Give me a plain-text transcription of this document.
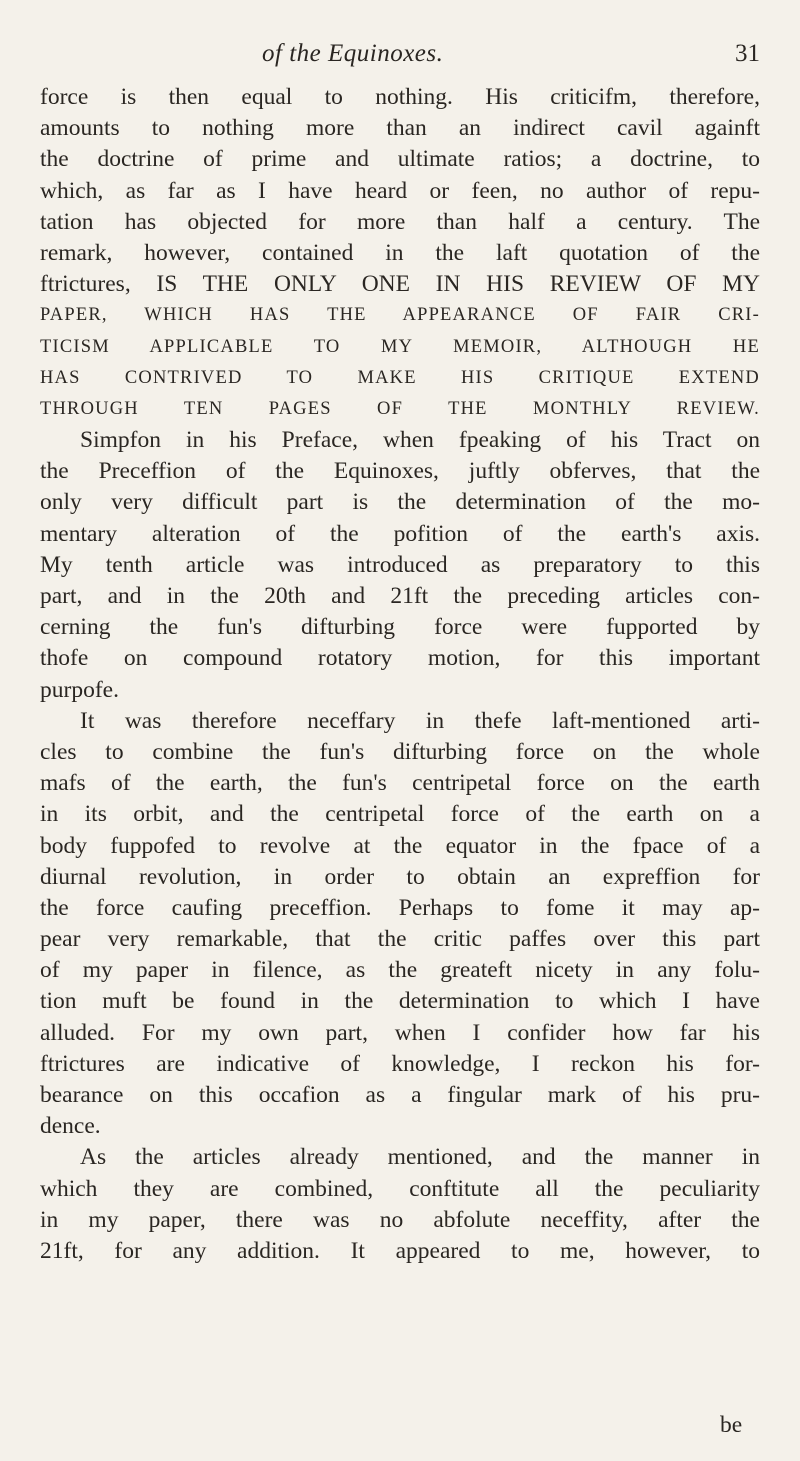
of the Equinoxes.	31
force is then equal to nothing. His criticifm, therefore,
amounts to nothing more than an indirect cavil againft
the doctrine of prime and ultimate ratios; a doctrine, to
which, as far as I have heard or feen, no author of repu-
tation has objected for more than half a century. The
remark, however, contained in the laft quotation of the
ftrictures, IS THE ONLY ONE IN HIS REVIEW OF MY
PAPER, WHICH HAS THE APPEARANCE OF FAIR CRI-
TICISM APPLICABLE TO MY MEMOIR, ALTHOUGH HE
HAS CONTRIVED TO MAKE HIS CRITIQUE EXTEND
THROUGH TEN PAGES OF THE MONTHLY REVIEW.
Simpfon in his Preface, when fpeaking of his Tract on
the Preceffion of the Equinoxes, juftly obferves, that the
only very difficult part is the determination of the mo-
mentary alteration of the pofition of the earth's axis.
My tenth article was introduced as preparatory to this
part, and in the 20th and 21ft the preceding articles con-
cerning the fun's difturbing force were fupported by
thofe on compound rotatory motion, for this important
purpofe.
It was therefore neceffary in thefe laft-mentioned arti-
cles to combine the fun's difturbing force on the whole
mafs of the earth, the fun's centripetal force on the earth
in its orbit, and the centripetal force of the earth on a
body fuppofed to revolve at the equator in the fpace of a
diurnal revolution, in order to obtain an expreffion for
the force caufing preceffion. Perhaps to fome it may ap-
pear very remarkable, that the critic paffes over this part
of my paper in filence, as the greateft nicety in any folu-
tion muft be found in the determination to which I have
alluded. For my own part, when I confider how far his
ftrictures are indicative of knowledge, I reckon his for-
bearance on this occafion as a fingular mark of his pru-
dence.
As the articles already mentioned, and the manner in
which they are combined, conftitute all the peculiarity
in my paper, there was no abfolute neceffity, after the
21ft, for any addition. It appeared to me, however, to
be
